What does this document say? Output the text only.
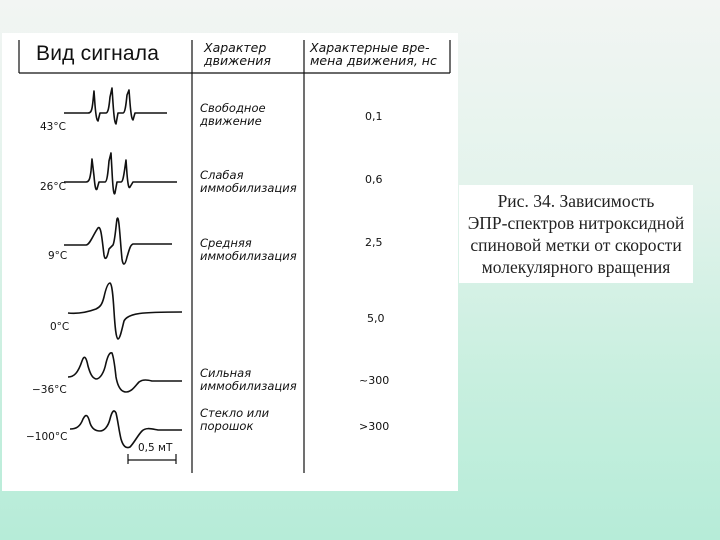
Вид сигнала	Характер движения
Характерные вре-мена движения, нс
43°C
26°C
9°C
0°C
−36°C
−100°C
Свободное движение
Слабая иммобилизация
Средняя иммобилизация
Сильная иммобилизация
Стекло или порошок
0,1
0,6
2,5
5,0
~300
>300
0,5 мТ
Рис. 34. Зависимость
ЭПР-спектров нитроксидной
спиновой метки от скорости
молекулярного вращения
